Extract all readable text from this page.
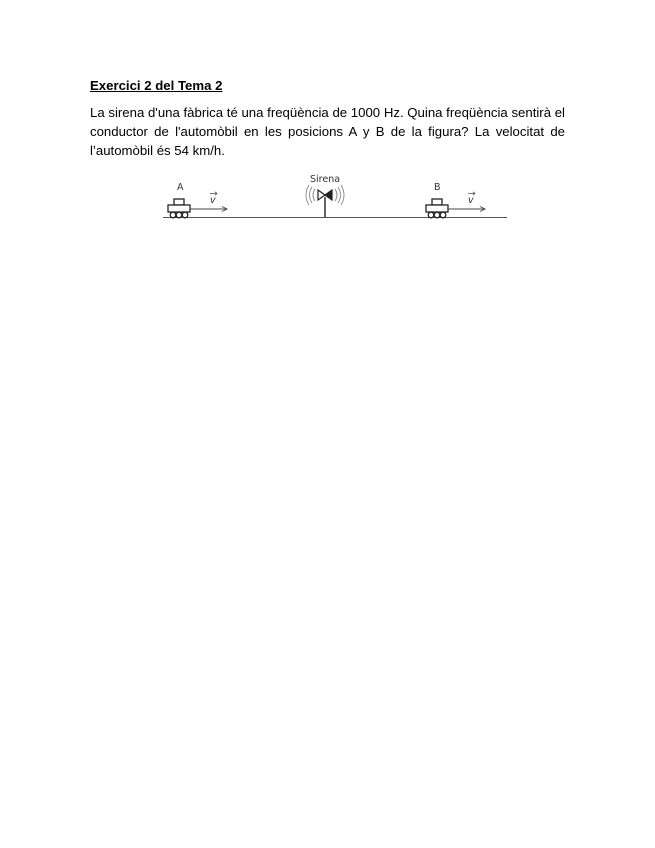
Exercici 2 del Tema 2
La sirena d'una fàbrica té una freqüència de 1000 Hz. Quina freqüència sentirà el conductor de l'automòbil en les posicions A y B de la figura? La velocitat de l’automòbil és 54 km/h.
A
v
Sirena
B
v
